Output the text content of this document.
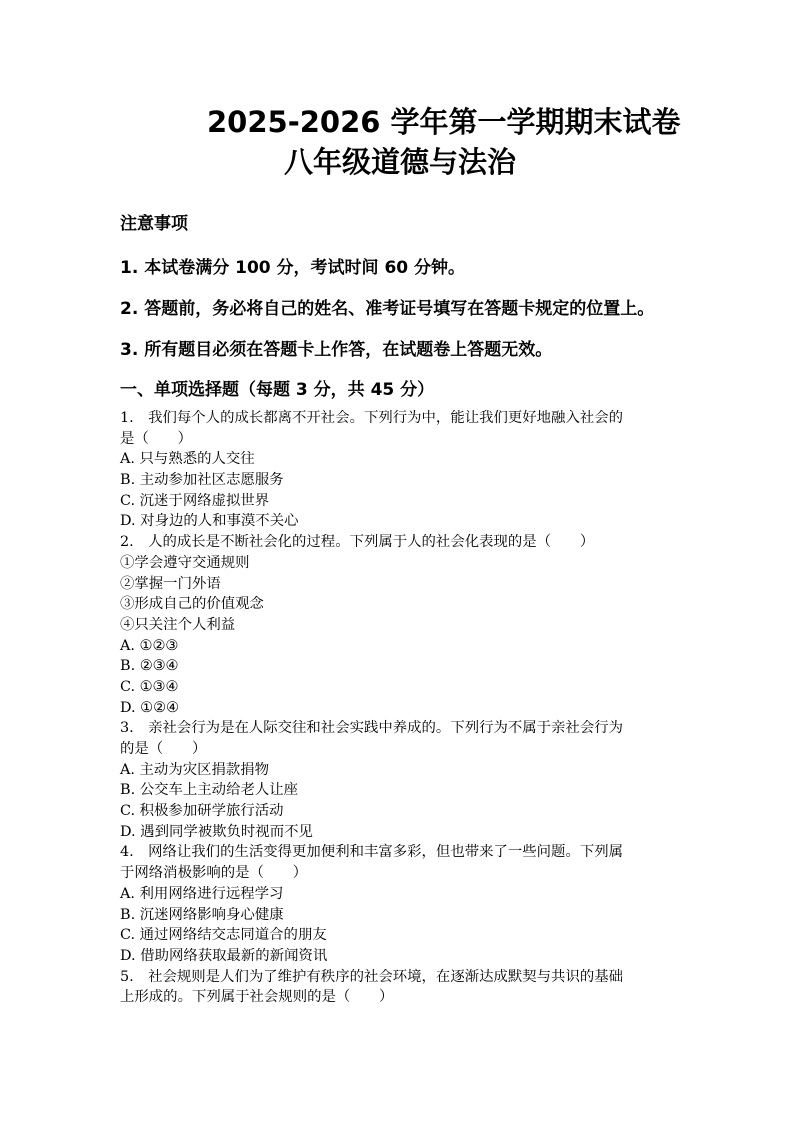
2025-2026 学年第一学期期末试卷
八年级道德与法治
注意事项
1. 本试卷满分 100 分，考试时间 60 分钟。
2. 答题前，务必将自己的姓名、准考证号填写在答题卡规定的位置上。
3. 所有题目必须在答题卡上作答，在试题卷上答题无效。
一、单项选择题（每题 3 分，共 45 分）
1.　我们每个人的成长都离不开社会。下列行为中，能让我们更好地融入社会的
是（　　）
A. 只与熟悉的人交往
B. 主动参加社区志愿服务
C. 沉迷于网络虚拟世界
D. 对身边的人和事漠不关心
2.　人的成长是不断社会化的过程。下列属于人的社会化表现的是（　　）
①学会遵守交通规则
②掌握一门外语
③形成自己的价值观念
④只关注个人利益
A. ①②③
B. ②③④
C. ①③④
D. ①②④
3.　亲社会行为是在人际交往和社会实践中养成的。下列行为不属于亲社会行为
的是（　　）
A. 主动为灾区捐款捐物
B. 公交车上主动给老人让座
C. 积极参加研学旅行活动
D. 遇到同学被欺负时视而不见
4.　网络让我们的生活变得更加便利和丰富多彩，但也带来了一些问题。下列属
于网络消极影响的是（　　）
A. 利用网络进行远程学习
B. 沉迷网络影响身心健康
C. 通过网络结交志同道合的朋友
D. 借助网络获取最新的新闻资讯
5.　社会规则是人们为了维护有秩序的社会环境，在逐渐达成默契与共识的基础
上形成的。下列属于社会规则的是（　　）
